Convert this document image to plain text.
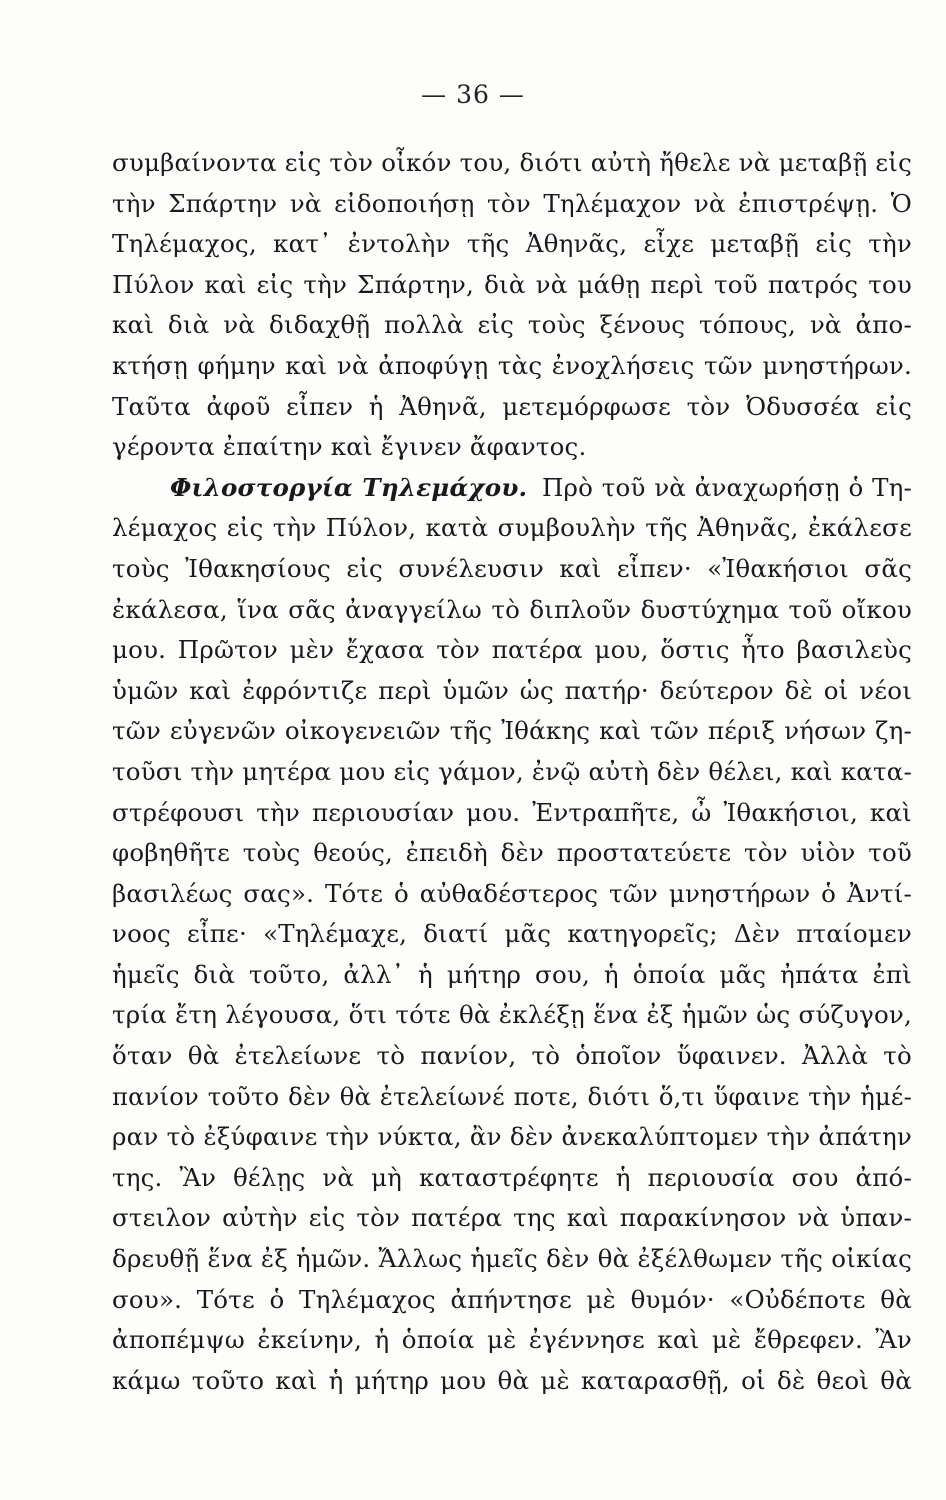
— 36 —
συμβαίνοντα εἰς τὸν οἶκόν του, διότι αὐτὴ ἤθελε νὰ μεταβῇ εἰς
τὴν Σπάρτην νὰ εἰδοποιήσῃ τὸν Τηλέμαχον νὰ ἐπιστρέψῃ. Ὁ
Τηλέμαχος, κατ᾿ ἐντολὴν τῆς Ἀθηνᾶς, εἶχε μεταβῇ εἰς τὴν
Πύλον καὶ εἰς τὴν Σπάρτην, διὰ νὰ μάθῃ περὶ τοῦ πατρός του
καὶ διὰ νὰ διδαχθῇ πολλὰ εἰς τοὺς ξένους τόπους, νὰ ἀπο-
κτήσῃ φήμην καὶ νὰ ἀποφύγῃ τὰς ἐνοχλήσεις τῶν μνηστήρων.
Ταῦτα ἀφοῦ εἶπεν ἡ Ἀθηνᾶ, μετεμόρφωσε τὸν Ὀδυσσέα εἰς
γέροντα ἐπαίτην καὶ ἔγινεν ἄφαντος.
Φιλοστοργία Τηλεμάχου. Πρὸ τοῦ νὰ ἀναχωρήσῃ ὁ Τη-
λέμαχος εἰς τὴν Πύλον, κατὰ συμβουλὴν τῆς Ἀθηνᾶς, ἐκάλεσε
τοὺς Ἰθακησίους εἰς συνέλευσιν καὶ εἶπεν· «Ἰθακήσιοι σᾶς
ἐκάλεσα, ἵνα σᾶς ἀναγγείλω τὸ διπλοῦν δυστύχημα τοῦ οἴκου
μου. Πρῶτον μὲν ἔχασα τὸν πατέρα μου, ὅστις ἦτο βασιλεὺς
ὑμῶν καὶ ἐφρόντιζε περὶ ὑμῶν ὡς πατήρ· δεύτερον δὲ οἱ νέοι
τῶν εὐγενῶν οἰκογενειῶν τῆς Ἰθάκης καὶ τῶν πέριξ νήσων ζη-
τοῦσι τὴν μητέρα μου εἰς γάμον, ἐνῷ αὐτὴ δὲν θέλει, καὶ κατα-
στρέφουσι τὴν περιουσίαν μου. Ἐντραπῆτε, ὦ Ἰθακήσιοι, καὶ
φοβηθῆτε τοὺς θεούς, ἐπειδὴ δὲν προστατεύετε τὸν υἱὸν τοῦ
βασιλέως σας». Τότε ὁ αὐθαδέστερος τῶν μνηστήρων ὁ Ἀντί-
νοος εἶπε· «Τηλέμαχε, διατί μᾶς κατηγορεῖς; Δὲν πταίομεν
ἡμεῖς διὰ τοῦτο, ἀλλ᾿ ἡ μήτηρ σου, ἡ ὁποία μᾶς ἠπάτα ἐπὶ
τρία ἔτη λέγουσα, ὅτι τότε θὰ ἐκλέξῃ ἕνα ἐξ ἡμῶν ὡς σύζυγον,
ὅταν θὰ ἐτελείωνε τὸ πανίον, τὸ ὁποῖον ὕφαινεν. Ἀλλὰ τὸ
πανίον τοῦτο δὲν θὰ ἐτελείωνέ ποτε, διότι ὅ,τι ὕφαινε τὴν ἡμέ-
ραν τὸ ἐξύφαινε τὴν νύκτα, ἂν δὲν ἀνεκαλύπτομεν τὴν ἀπάτην
της. Ἂν θέλῃς νὰ μὴ καταστρέφητε ἡ περιουσία σου ἀπό-
στειλον αὐτὴν εἰς τὸν πατέρα της καὶ παρακίνησον νὰ ὑπαν-
δρευθῇ ἕνα ἐξ ἡμῶν. Ἄλλως ἡμεῖς δὲν θὰ ἐξέλθωμεν τῆς οἰκίας
σου». Τότε ὁ Τηλέμαχος ἀπήντησε μὲ θυμόν· «Οὐδέποτε θὰ
ἀποπέμψω ἐκείνην, ἡ ὁποία μὲ ἐγέννησε καὶ μὲ ἔθρεφεν. Ἂν
κάμω τοῦτο καὶ ἡ μήτηρ μου θὰ μὲ καταρασθῇ, οἱ δὲ θεοὶ θὰ
